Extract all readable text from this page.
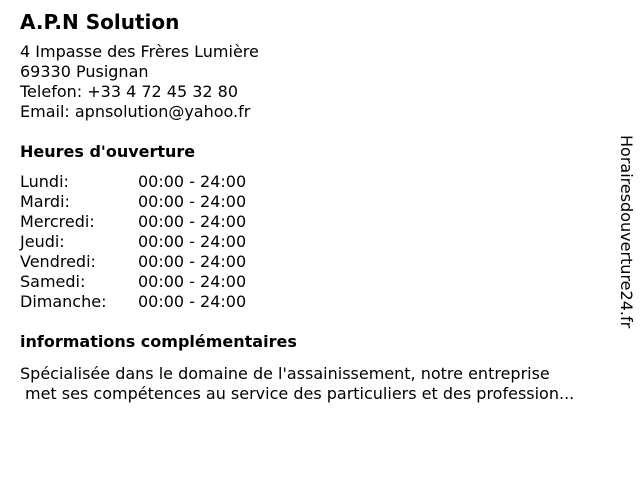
A.P.N Solution
4 Impasse des Frères Lumière
69330 Pusignan
Telefon: +33 4 72 45 32 80
Email: apnsolution@yahoo.fr
Heures d'ouverture
Lundi:	00:00 - 24:00
Mardi:	00:00 - 24:00
Mercredi:	00:00 - 24:00
Jeudi:	00:00 - 24:00
Vendredi:	00:00 - 24:00
Samedi:	00:00 - 24:00
Dimanche:	00:00 - 24:00
informations complémentaires
Spécialisée dans le domaine de l'assainissement, notre entreprise
met ses compétences au service des particuliers et des profession...
Horairesdouverture24.fr
